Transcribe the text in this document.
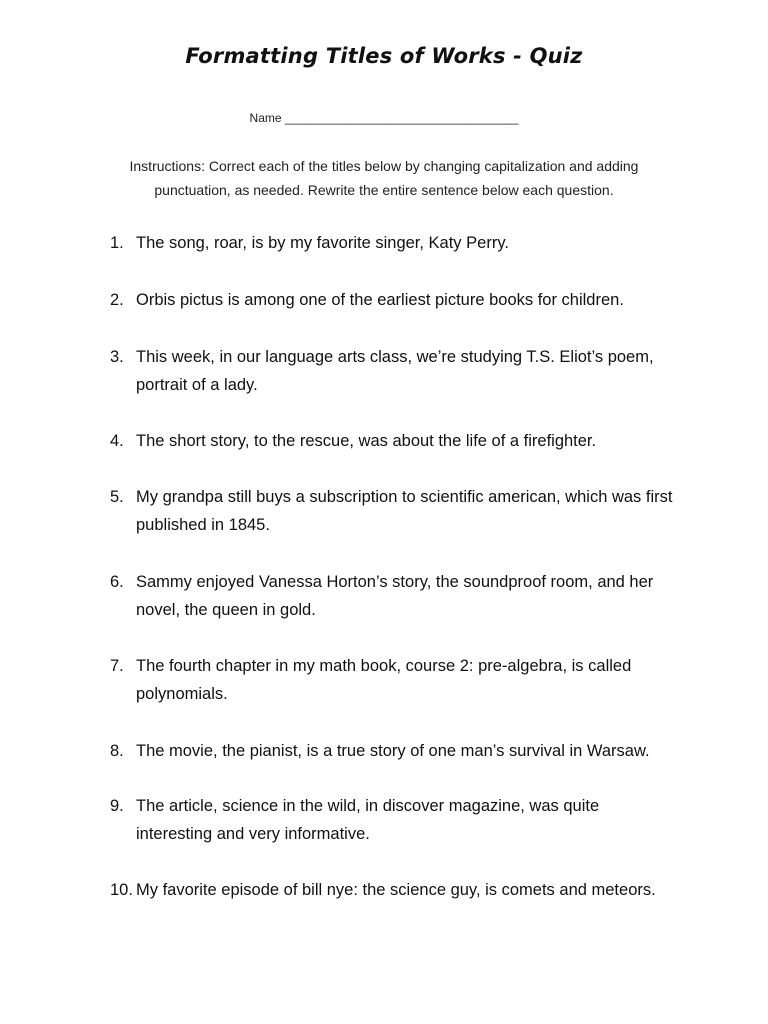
Formatting Titles of Works - Quiz
Name ___________________________________
Instructions: Correct each of the titles below by changing capitalization and adding punctuation, as needed. Rewrite the entire sentence below each question.
1. The song, roar, is by my favorite singer, Katy Perry.
2. Orbis pictus is among one of the earliest picture books for children.
3. This week, in our language arts class, we’re studying T.S. Eliot’s poem, portrait of a lady.
4. The short story, to the rescue, was about the life of a firefighter.
5. My grandpa still buys a subscription to scientific american, which was first published in 1845.
6. Sammy enjoyed Vanessa Horton’s story, the soundproof room, and her novel, the queen in gold.
7. The fourth chapter in my math book, course 2: pre-algebra, is called polynomials.
8. The movie, the pianist, is a true story of one man’s survival in Warsaw.
9. The article, science in the wild, in discover magazine, was quite interesting and very informative.
10. My favorite episode of bill nye: the science guy, is comets and meteors.
